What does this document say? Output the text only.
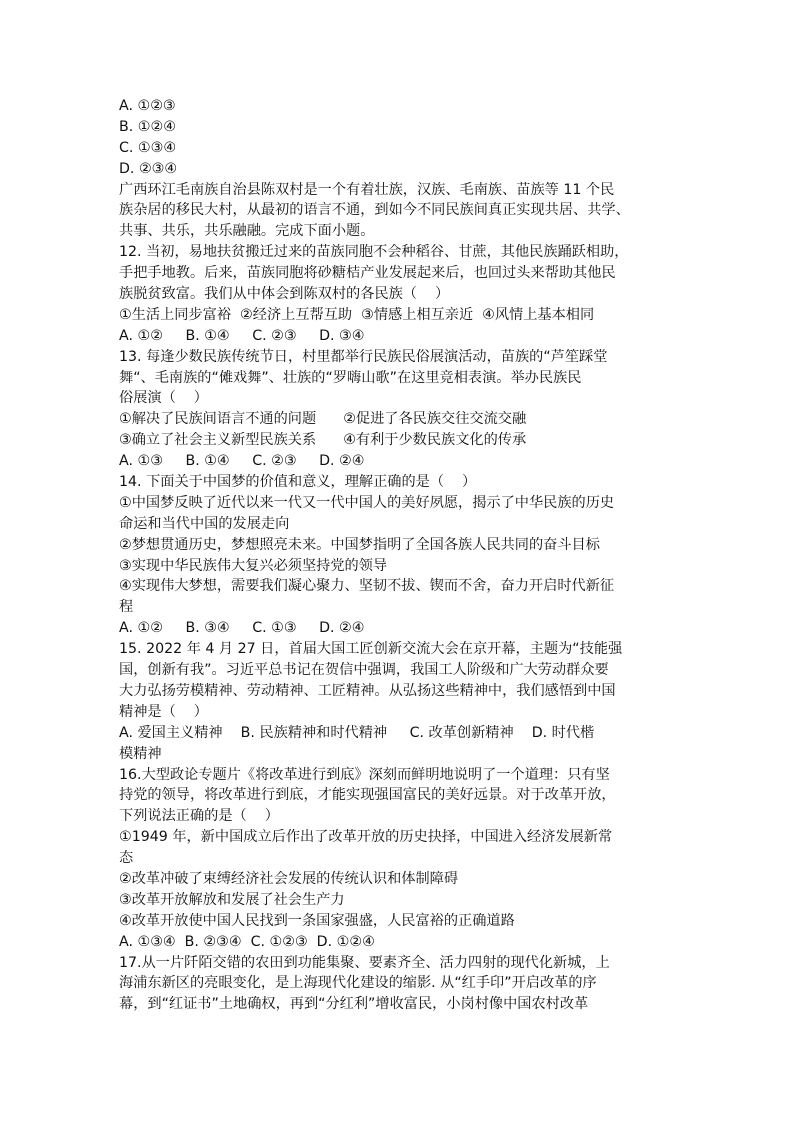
A. ①②③
B. ①②④
C. ①③④
D. ②③④
广西环江毛南族自治县陈双村是一个有着壮族，汉族、毛南族、苗族等 11 个民
族杂居的移民大村，从最初的语言不通，到如今不同民族间真正实现共居、共学、
共事、共乐，共乐融融。完成下面小题。
12. 当初，易地扶贫搬迁过来的苗族同胞不会种稻谷、甘蔗，其他民族踊跃相助，
手把手地教。后来，苗族同胞将砂糖桔产业发展起来后，也回过头来帮助其他民
族脱贫致富。我们从中体会到陈双村的各民族（    ）
①生活上同步富裕  ②经济上互帮互助  ③情感上相互亲近  ④风情上基本相同
A. ①②     B. ①④     C. ②③     D. ③④
13. 每逢少数民族传统节日，村里都举行民族民俗展演活动，苗族的“芦笙踩堂
舞“、毛南族的“傩戏舞”、壮族的“罗嗨山歌”在这里竞相表演。举办民族民
俗展演（    ）
①解决了民族间语言不通的问题      ②促进了各民族交往交流交融
③确立了社会主义新型民族关系      ④有利于少数民族文化的传承
A. ①③     B. ①④     C. ②③     D. ②④
14. 下面关于中国梦的价值和意义，理解正确的是（    ）
①中国梦反映了近代以来一代又一代中国人的美好夙愿，揭示了中华民族的历史
命运和当代中国的发展走向
②梦想贯通历史，梦想照亮未来。中国梦指明了全国各族人民共同的奋斗目标
③实现中华民族伟大复兴必须坚持党的领导
④实现伟大梦想，需要我们凝心聚力、坚韧不拔、锲而不舍，奋力开启时代新征
程
A. ①②     B. ③④     C. ①③     D. ②④
15. 2022 年 4 月 27 日，首届大国工匠创新交流大会在京开幕，主题为“技能强
国，创新有我”。习近平总书记在贺信中强调，我国工人阶级和广大劳动群众要
大力弘扬劳模精神、劳动精神、工匠精神。从弘扬这些精神中，我们感悟到中国
精神是（    ）
A. 爱国主义精神    B. 民族精神和时代精神     C. 改革创新精神    D. 时代楷
模精神
16.大型政论专题片《将改革进行到底》深刻而鲜明地说明了一个道理：只有坚
持党的领导，将改革进行到底，才能实现强国富民的美好远景。对于改革开放，
下列说法正确的是（    ）
①1949 年，新中国成立后作出了改革开放的历史抉择，中国进入经济发展新常
态
②改革冲破了束缚经济社会发展的传统认识和体制障碍
③改革开放解放和发展了社会生产力
④改革开放使中国人民找到一条国家强盛，人民富裕的正确道路
A. ①③④  B. ②③④  C. ①②③  D. ①②④
17.从一片阡陌交错的农田到功能集聚、要素齐全、活力四射的现代化新城，上
海浦东新区的亮眼变化，是上海现代化建设的缩影. 从“红手印”开启改革的序
幕，到“红证书”土地确权，再到“分红利”增收富民，小岗村像中国农村改革
